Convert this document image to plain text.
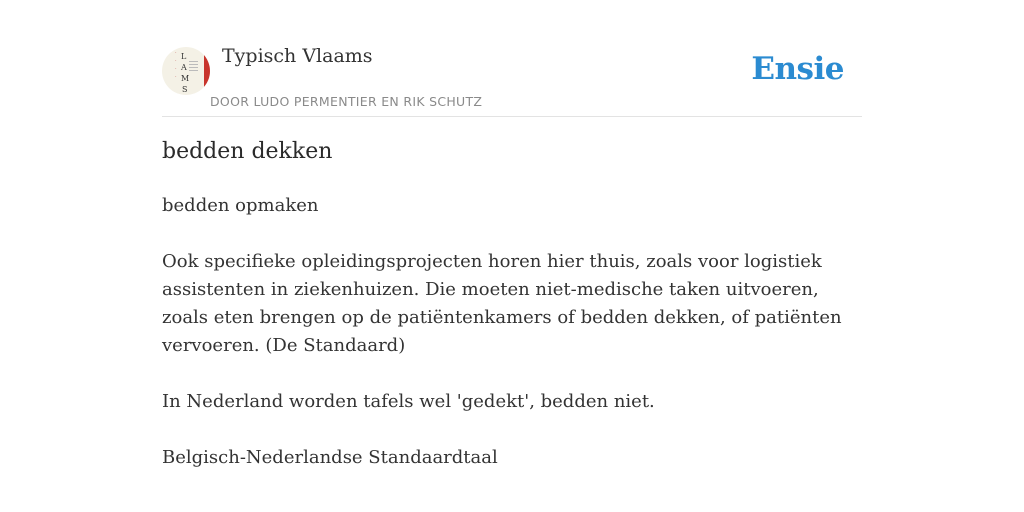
.
.
.
.
L
A
M
S
Typisch Vlaams
DOOR LUDO PERMENTIER EN RIK SCHUTZ
Ensie
bedden dekken

bedden opmaken

Ook specifieke opleidingsprojecten horen hier thuis, zoals voor logistiek assistenten in ziekenhuizen. Die moeten niet-medische taken uitvoeren, zoals eten brengen op de patiëntenkamers of bedden dekken, of patiënten vervoeren. (De Standaard)

In Nederland worden tafels wel 'gedekt', bedden niet.

Belgisch-Nederlandse Standaardtaal
